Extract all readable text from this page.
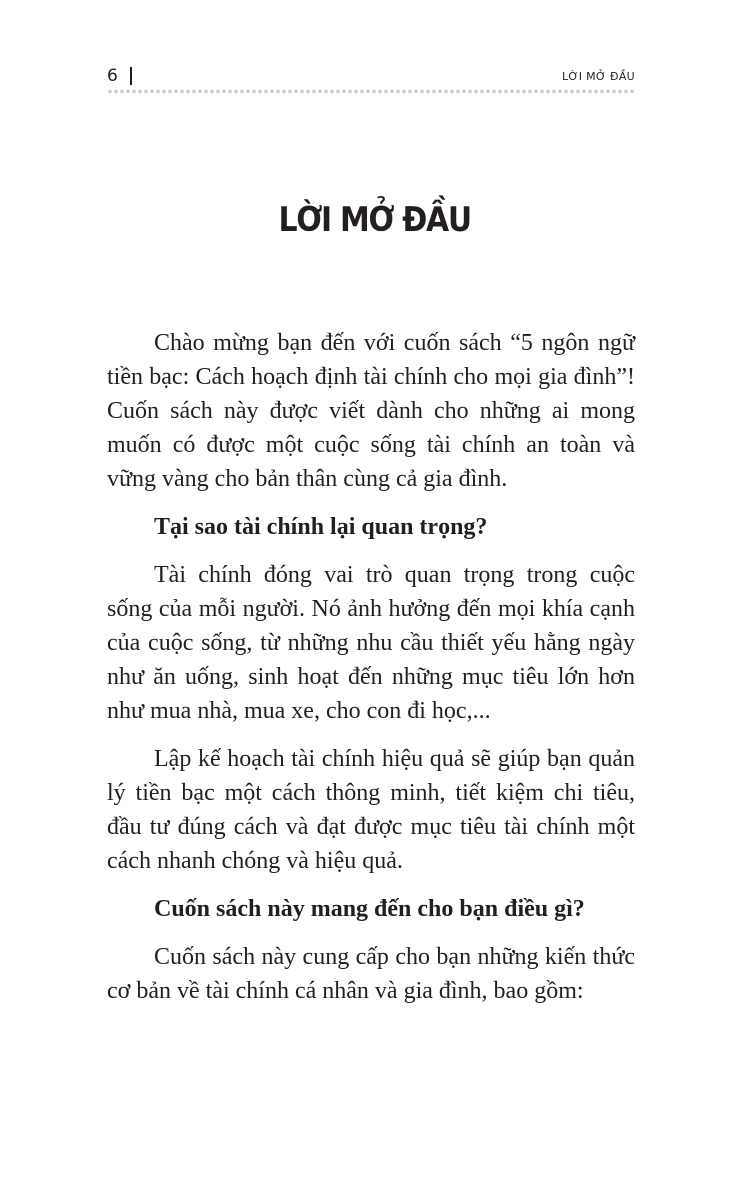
6	LỜI MỞ ĐẦU
LỜI MỞ ĐẦU

Chào mừng bạn đến với cuốn sách “5 ngôn ngữ tiền bạc: Cách hoạch định tài chính cho mọi gia đình”! Cuốn sách này được viết dành cho những ai mong muốn có được một cuộc sống tài chính an toàn và vững vàng cho bản thân cùng cả gia đình.

Tại sao tài chính lại quan trọng?

Tài chính đóng vai trò quan trọng trong cuộc sống của mỗi người. Nó ảnh hưởng đến mọi khía cạnh của cuộc sống, từ những nhu cầu thiết yếu hằng ngày như ăn uống, sinh hoạt đến những mục tiêu lớn hơn như mua nhà, mua xe, cho con đi học,...

Lập kế hoạch tài chính hiệu quả sẽ giúp bạn quản lý tiền bạc một cách thông minh, tiết kiệm chi tiêu, đầu tư đúng cách và đạt được mục tiêu tài chính một cách nhanh chóng và hiệu quả.

Cuốn sách này mang đến cho bạn điều gì?

Cuốn sách này cung cấp cho bạn những kiến thức cơ bản về tài chính cá nhân và gia đình, bao gồm:
